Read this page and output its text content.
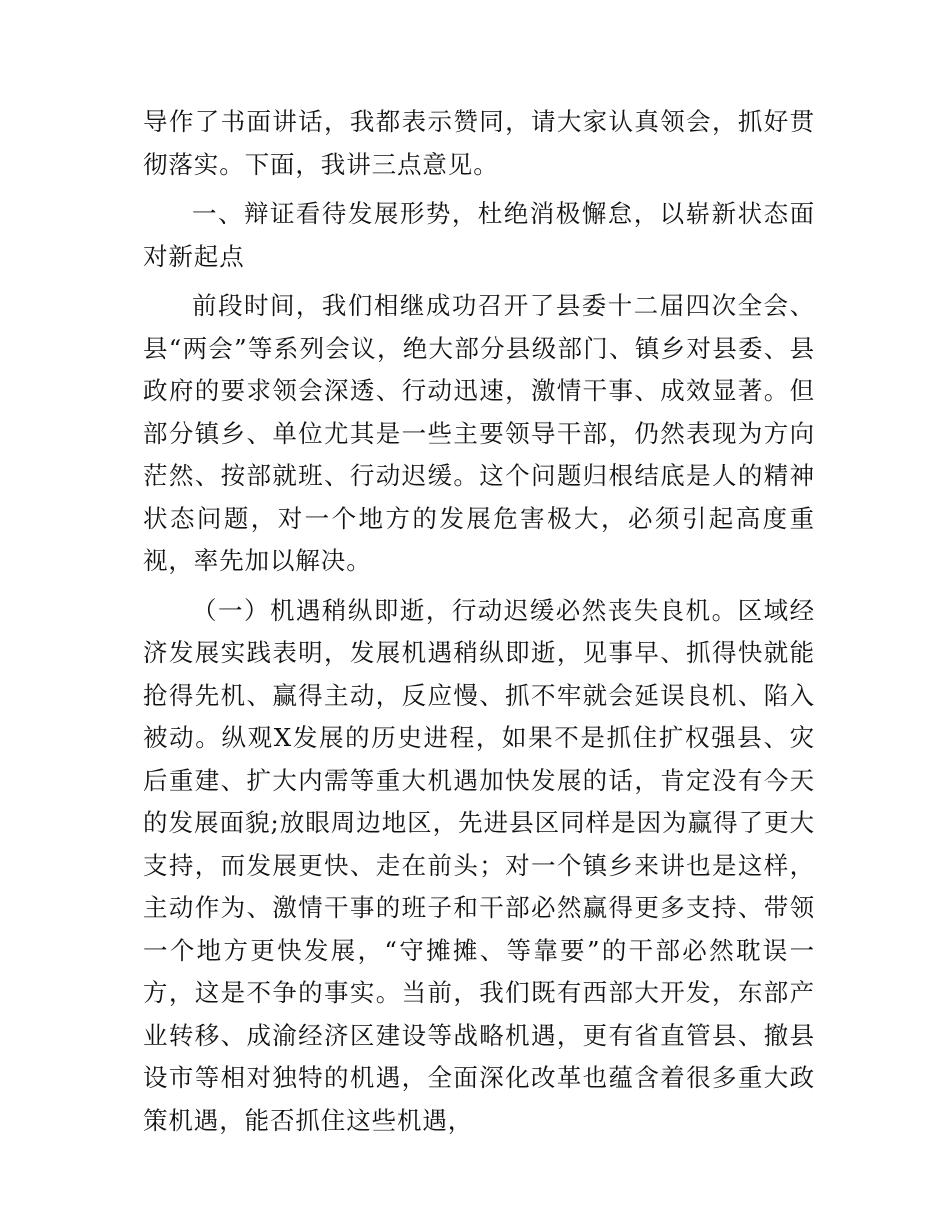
导作了书面讲话，我都表示赞同，请大家认真领会，抓好贯彻落实。下面，我讲三点意见。

一、辩证看待发展形势，杜绝消极懈怠，以崭新状态面对新起点

前段时间，我们相继成功召开了县委十二届四次全会、县“两会”等系列会议，绝大部分县级部门、镇乡对县委、县政府的要求领会深透、行动迅速，激情干事、成效显著。但部分镇乡、单位尤其是一些主要领导干部，仍然表现为方向茫然、按部就班、行动迟缓。这个问题归根结底是人的精神状态问题，对一个地方的发展危害极大，必须引起高度重视，率先加以解决。

（一）机遇稍纵即逝，行动迟缓必然丧失良机。区域经济发展实践表明，发展机遇稍纵即逝，见事早、抓得快就能抢得先机、赢得主动，反应慢、抓不牢就会延误良机、陷入被动。纵观X发展的历史进程，如果不是抓住扩权强县、灾后重建、扩大内需等重大机遇加快发展的话，肯定没有今天的发展面貌;放眼周边地区，先进县区同样是因为赢得了更大支持，而发展更快、走在前头；对一个镇乡来讲也是这样，主动作为、激情干事的班子和干部必然赢得更多支持、带领一个地方更快发展，“守摊摊、等靠要”的干部必然耽误一方，这是不争的事实。当前，我们既有西部大开发，东部产业转移、成渝经济区建设等战略机遇，更有省直管县、撤县设市等相对独特的机遇，全面深化改革也蕴含着很多重大政策机遇，能否抓住这些机遇，
